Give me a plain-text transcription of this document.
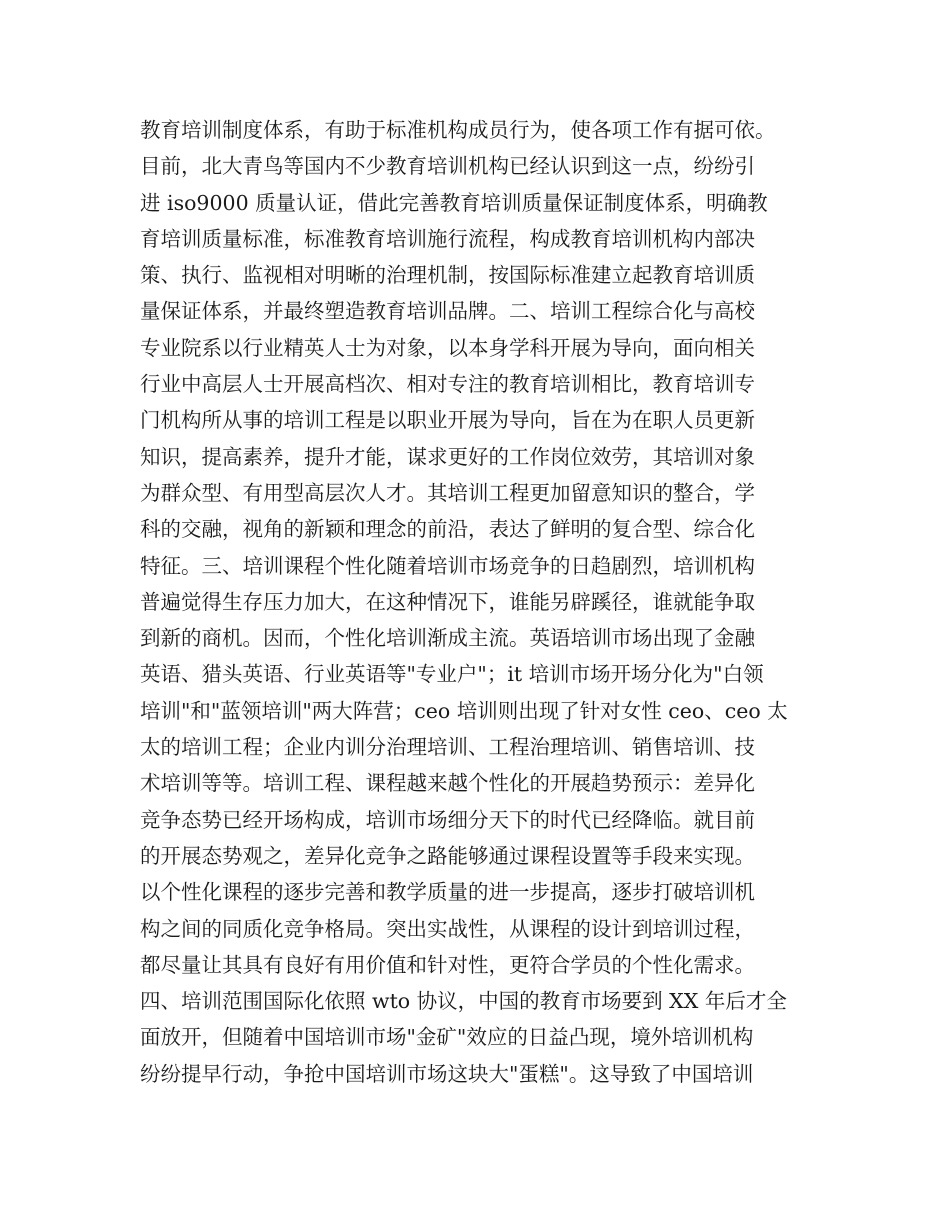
教育培训制度体系，有助于标准机构成员行为，使各项工作有据可依。
目前，北大青鸟等国内不少教育培训机构已经认识到这一点，纷纷引
进 iso9000 质量认证，借此完善教育培训质量保证制度体系，明确教
育培训质量标准，标准教育培训施行流程，构成教育培训机构内部决
策、执行、监视相对明晰的治理机制，按国际标准建立起教育培训质
量保证体系，并最终塑造教育培训品牌。二、培训工程综合化与高校
专业院系以行业精英人士为对象，以本身学科开展为导向，面向相关
行业中高层人士开展高档次、相对专注的教育培训相比，教育培训专
门机构所从事的培训工程是以职业开展为导向，旨在为在职人员更新
知识，提高素养，提升才能，谋求更好的工作岗位效劳，其培训对象
为群众型、有用型高层次人才。其培训工程更加留意知识的整合，学
科的交融，视角的新颖和理念的前沿，表达了鲜明的复合型、综合化
特征。三、培训课程个性化随着培训市场竞争的日趋剧烈，培训机构
普遍觉得生存压力加大，在这种情况下，谁能另辟蹊径，谁就能争取
到新的商机。因而，个性化培训渐成主流。英语培训市场出现了金融
英语、猎头英语、行业英语等"专业户"；it 培训市场开场分化为"白领
培训"和"蓝领培训"两大阵营；ceo 培训则出现了针对女性 ceo、ceo 太
太的培训工程；企业内训分治理培训、工程治理培训、销售培训、技
术培训等等。培训工程、课程越来越个性化的开展趋势预示：差异化
竞争态势已经开场构成，培训市场细分天下的时代已经降临。就目前
的开展态势观之，差异化竞争之路能够通过课程设置等手段来实现。
以个性化课程的逐步完善和教学质量的进一步提高，逐步打破培训机
构之间的同质化竞争格局。突出实战性，从课程的设计到培训过程，
都尽量让其具有良好有用价值和针对性，更符合学员的个性化需求。
四、培训范围国际化依照 wto 协议，中国的教育市场要到 XX 年后才全
面放开，但随着中国培训市场"金矿"效应的日益凸现，境外培训机构
纷纷提早行动，争抢中国培训市场这块大"蛋糕"。这导致了中国培训
